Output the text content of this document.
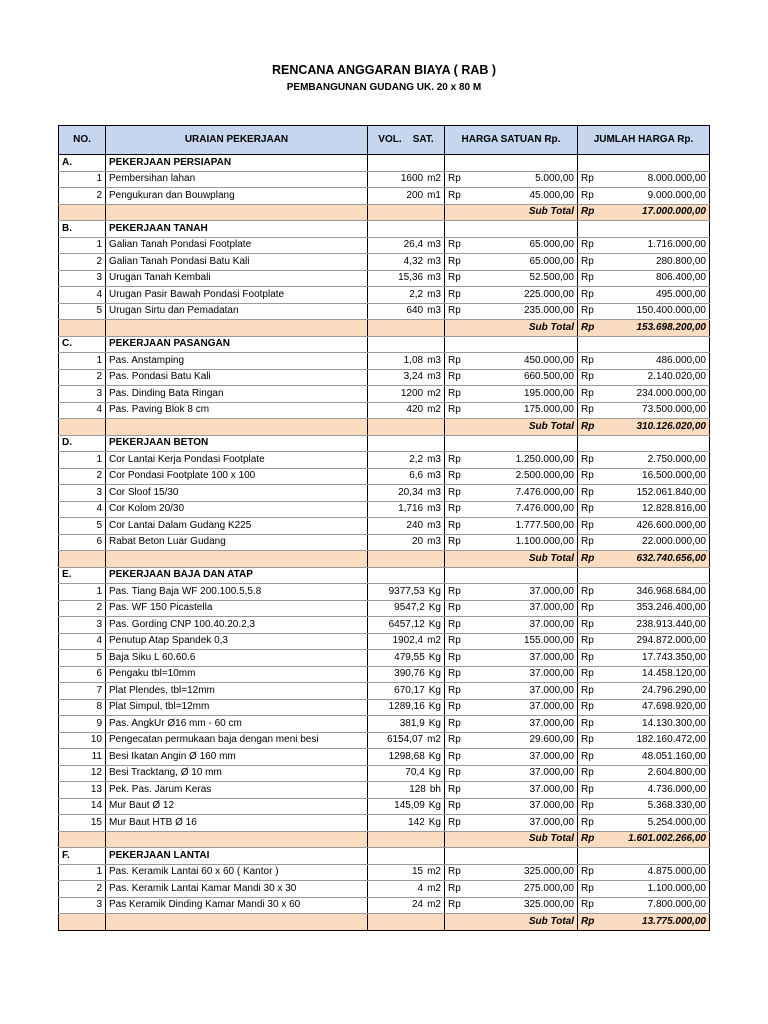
RENCANA ANGGARAN BIAYA ( RAB )
PEMBANGUNAN GUDANG UK. 20 x 80 M
NO.	URAIAN PEKERJAAN	VOL. SAT.	HARGA SATUAN Rp.	JUMLAH HARGA Rp.
A.	PEKERJAAN PERSIAPAN			
1	Pembersihan lahan	1600 m2	Rp 5.000,00	Rp 8.000.000,00

2	Pengukuran dan Bouwplang	200 m1	Rp 45.000,00	Rp 9.000.000,00

			Sub Total	Rp 17.000.000,00

B.	PEKERJAAN TANAH			
1	Galian Tanah Pondasi Footplate	26,4 m3	Rp 65.000,00	Rp 1.716.000,00

2	Galian Tanah Pondasi Batu Kali	4,32 m3	Rp 65.000,00	Rp 280.800,00

3	Urugan Tanah Kembali	15,36 m3	Rp 52.500,00	Rp 806.400,00

4	Urugan Pasir Bawah Pondasi Footplate	2,2 m3	Rp 225.000,00	Rp 495.000,00

5	Urugan Sirtu dan Pemadatan	640 m3	Rp 235.000,00	Rp 150.400.000,00

			Sub Total	Rp 153.698.200,00

C.	PEKERJAAN PASANGAN			
1	Pas. Anstamping	1,08 m3	Rp 450.000,00	Rp 486.000,00

2	Pas. Pondasi Batu Kali	3,24 m3	Rp 660.500,00	Rp 2.140.020,00

3	Pas. Dinding Bata Ringan	1200 m2	Rp 195.000,00	Rp 234.000.000,00

4	Pas. Paving Blok 8 cm	420 m2	Rp 175.000,00	Rp 73.500.000,00

			Sub Total	Rp 310.126.020,00

D.	PEKERJAAN BETON			
1	Cor Lantai Kerja Pondasi Footplate	2,2 m3	Rp 1.250.000,00	Rp 2.750.000,00

2	Cor Pondasi Footplate 100 x 100	6,6 m3	Rp 2.500.000,00	Rp 16.500.000,00

3	Cor Sloof 15/30	20,34 m3	Rp 7.476.000,00	Rp 152.061.840,00

4	Cor Kolom 20/30	1,716 m3	Rp 7.476.000,00	Rp 12.828.816,00

5	Cor Lantai Dalam Gudang K225	240 m3	Rp 1.777.500,00	Rp 426.600.000,00

6	Rabat Beton Luar Gudang	20 m3	Rp 1.100.000,00	Rp 22.000.000,00

			Sub Total	Rp 632.740.656,00

E.	PEKERJAAN BAJA DAN ATAP			
1	Pas. Tiang Baja WF 200.100.5,5.8	9377,53 Kg	Rp 37.000,00	Rp 346.968.684,00

2	Pas. WF 150 Picastella	9547,2 Kg	Rp 37.000,00	Rp 353.246.400,00

3	Pas. Gording CNP 100.40.20.2,3	6457,12 Kg	Rp 37.000,00	Rp 238.913.440,00

4	Penutup Atap Spandek 0,3	1902,4 m2	Rp 155.000,00	Rp 294.872.000,00

5	Baja Siku L 60.60.6	479,55 Kg	Rp 37.000,00	Rp 17.743.350,00

6	Pengaku tbl=10mm	390,76 Kg	Rp 37.000,00	Rp 14.458.120,00

7	Plat Plendes, tbl=12mm	670,17 Kg	Rp 37.000,00	Rp 24.796.290,00

8	Plat Simpul, tbl=12mm	1289,16 Kg	Rp 37.000,00	Rp 47.698.920,00

9	Pas. AngkUr Ø16 mm - 60 cm	381,9 Kg	Rp 37.000,00	Rp 14.130.300,00

10	Pengecatan permukaan baja dengan meni besi	6154,07 m2	Rp 29.600,00	Rp 182.160.472,00

11	Besi Ikatan Angin Ø 160 mm	1298,68 Kg	Rp 37.000,00	Rp 48.051.160,00

12	Besi Tracktang, Ø 10 mm	70,4 Kg	Rp 37.000,00	Rp 2.604.800,00

13	Pek. Pas. Jarum Keras	128 bh	Rp 37.000,00	Rp 4.736.000,00

14	Mur Baut Ø 12	145,09 Kg	Rp 37.000,00	Rp 5.368.330,00

15	Mur Baut HTB Ø 16	142 Kg	Rp 37.000,00	Rp 5.254.000,00

			Sub Total	Rp 1.601.002.266,00

F.	PEKERJAAN LANTAI			
1	Pas. Keramik Lantai 60 x 60 ( Kantor )	15 m2	Rp 325.000,00	Rp 4.875.000,00

2	Pas. Keramik Lantai Kamar Mandi 30 x 30	4 m2	Rp 275.000,00	Rp 1.100.000,00

3	Pas Keramik Dinding Kamar Mandi 30 x 60	24 m2	Rp 325.000,00	Rp 7.800.000,00

			Sub Total	Rp 13.775.000,00
